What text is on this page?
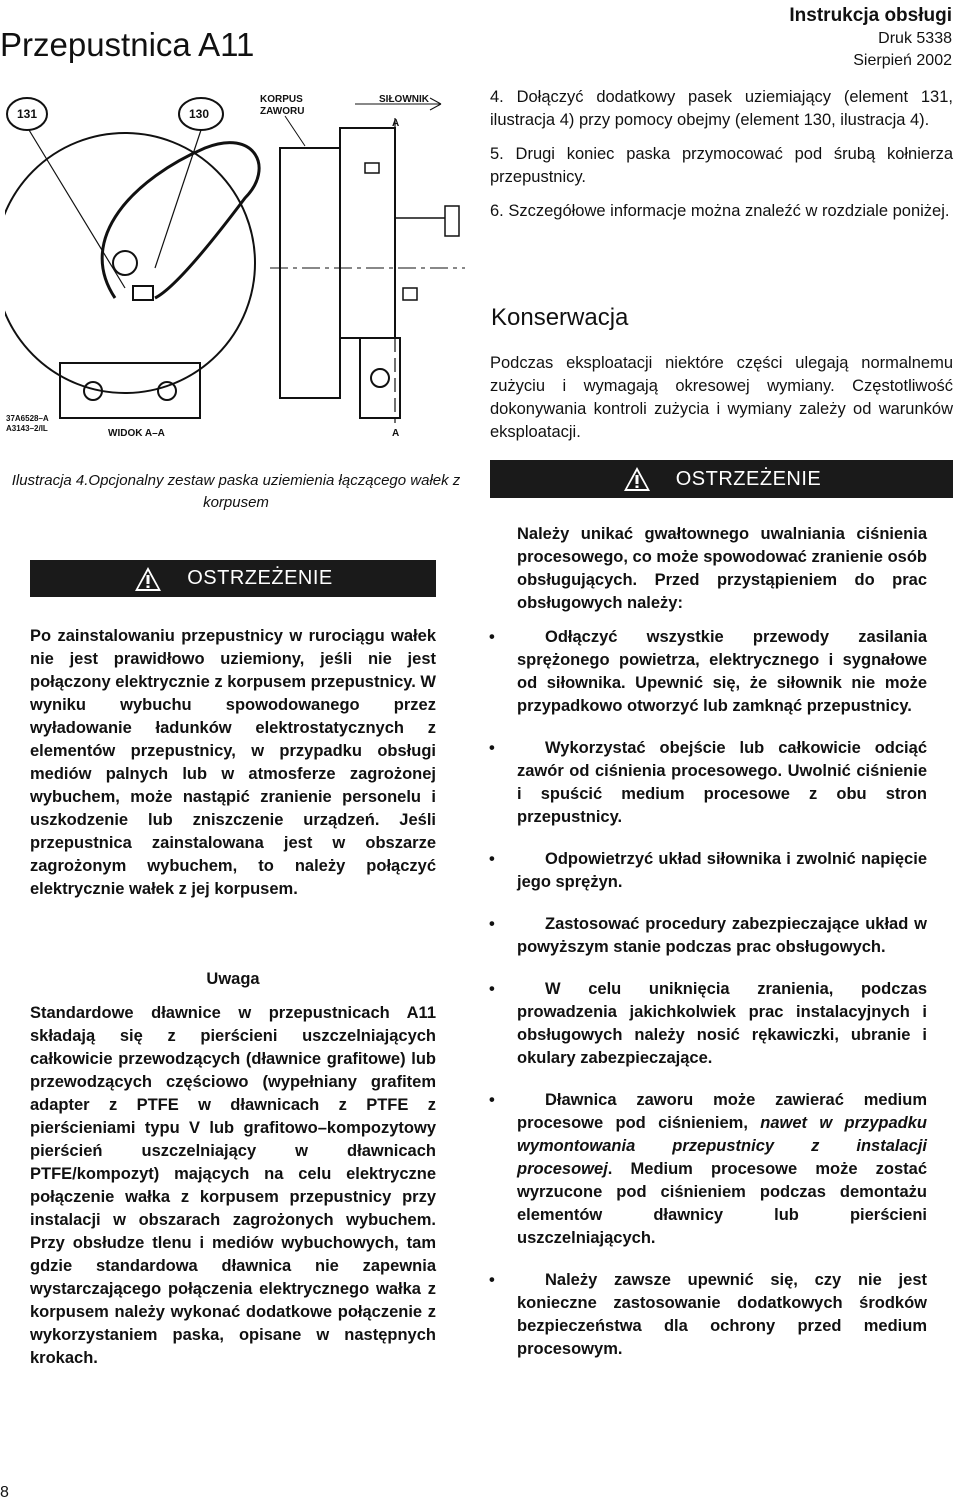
Przepustnica A11
Instrukcja obsługi
Druk 5338
Sierpień 2002
131	130
KORPUS
ZAWORU
SIŁOWNIK
A
WIDOK A–A	A
37A6528–A
A3143–2/IL
Ilustracja 4.Opcjonalny zestaw paska uziemienia łączącego wałek z korpusem
OSTRZEŻENIE

Po zainstalowaniu przepustnicy w rurociągu wałek nie jest prawidłowo uziemiony, jeśli nie jest połączony elektrycznie z korpusem przepustnicy. W wyniku wybuchu spowodowanego przez wyładowanie ładunków elektrostatycznych z elementów przepustnicy, w przypadku obsługi mediów palnych lub w atmosferze zagrożonej wybuchem, może nastąpić zranienie personelu i uszkodzenie lub zniszczenie urządzeń. Jeśli przepustnica zainstalowana jest w obszarze zagrożonym wybuchem, to należy połączyć elektrycznie wałek z jej korpusem.

Uwaga

Standardowe dławnice w przepustnicach A11 składają się z pierścieni uszczelniających całkowicie przewodzących (dławnice grafitowe) lub przewodzących częściowo (wypełniany grafitem adapter z PTFE w dławnicach z PTFE z pierścieniami typu V lub grafitowo–kompozytowy pierścień uszczelniający w dławnicach PTFE/kompozyt) mających na celu elektryczne połączenie wałka z korpusem przepustnicy przy instalacji w obszarach zagrożonych wybuchem. Przy obsłudze tlenu i mediów wybuchowych, tam gdzie standardowa dławnica nie zapewnia wystarczającego połączenia elektrycznego wałka z korpusem należy wykonać dodatkowe połączenie z wykorzystaniem paska, opisane w następnych krokach.

4. Dołączyć dodatkowy pasek uziemiający (element 131, ilustracja 4) przy pomocy obejmy (element 130, ilustracja 4).

5. Drugi koniec paska przymocować pod śrubą kołnierza przepustnicy.

6. Szczegółowe informacje można znaleźć w rozdziale poniżej.

Konserwacja
Podczas eksploatacji niektóre części ulegają normalnemu zużyciu i wymagają okresowej wymiany. Częstotliwość dokonywania kontroli zużycia i wymiany zależy od warunków eksploatacji.
OSTRZEŻENIE
Należy unikać gwałtownego uwalniania ciśnienia procesowego, co może spowodować zranienie osób obsługujących. Przed przystąpieniem do prac obsługowych należy:
•	Odłączyć wszystkie przewody zasilania sprężonego powietrza, elektrycznego i sygnałowe od siłownika. Upewnić się, że siłownik nie może przypadkowo otworzyć lub zamknąć przepustnicy.
•	Wykorzystać obejście lub całkowicie odciąć zawór od ciśnienia procesowego. Uwolnić ciśnienie i spuścić medium procesowe z obu stron przepustnicy.
•	Odpowietrzyć układ siłownika i zwolnić napięcie jego sprężyn.
•	Zastosować procedury zabezpieczające układ w powyższym stanie podczas prac obsługowych.
•	W celu uniknięcia zranienia, podczas prowadzenia jakichkolwiek prac instalacyjnych i obsługowych należy nosić rękawiczki, ubranie i okulary zabezpieczające.
•	Dławnica zaworu może zawierać medium procesowe pod ciśnieniem, nawet w przypadku wymontowania przepustnicy z instalacji procesowej. Medium procesowe może zostać wyrzucone pod ciśnieniem podczas demontażu elementów dławnicy lub pierścieni uszczelniających.
•	Należy zawsze upewnić się, czy nie jest konieczne zastosowanie dodatkowych środków bezpieczeństwa dla ochrony przed medium procesowym.
8
